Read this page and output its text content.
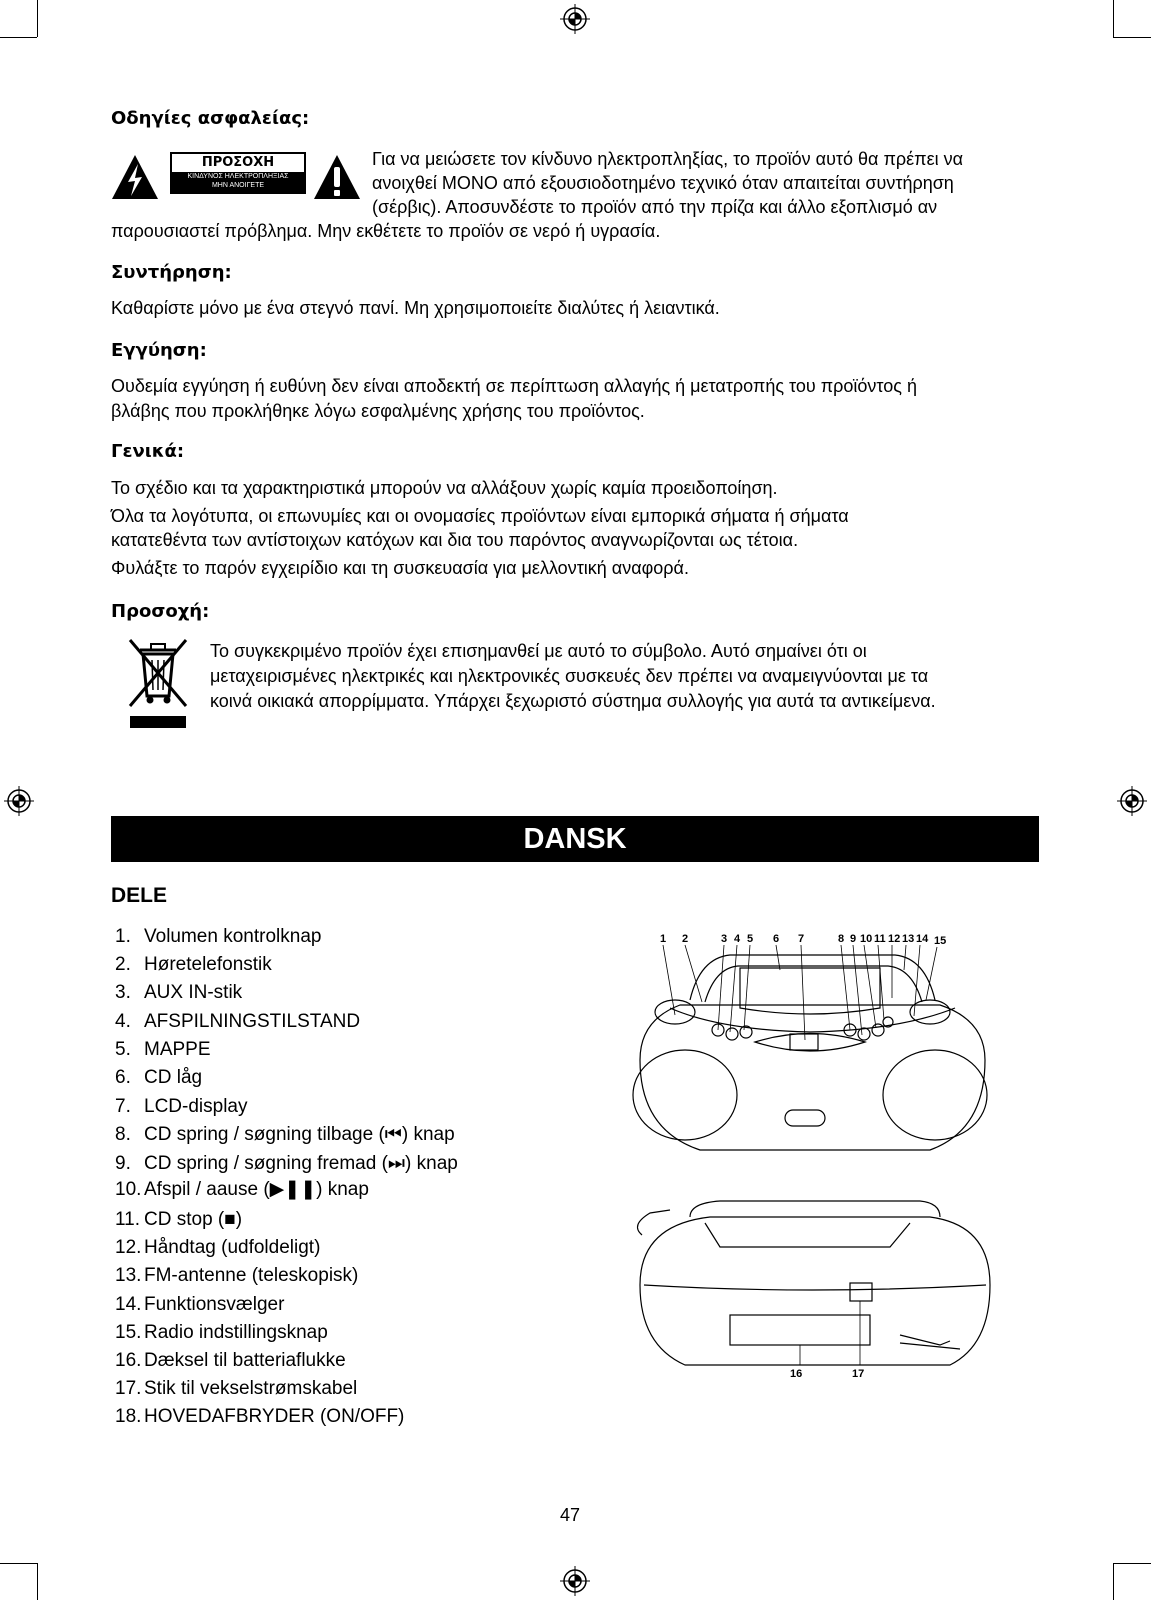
Οδηγίες ασφαλείας:
ΠΡΟΣΟΧΗ
ΚΙΝΔΥΝΟΣ ΗΛΕΚΤΡΟΠΛΗΞΙΑΣ
ΜΗΝ ΑΝΟΙΓΕΤΕ
Για να μειώσετε τον κίνδυνο ηλεκτροπληξίας, το προϊόν αυτό θα πρέπει να
ανοιχθεί ΜΟΝΟ από εξουσιοδοτημένο τεχνικό όταν απαιτείται συντήρηση
(σέρβις). Αποσυνδέστε το προϊόν από την πρίζα και άλλο εξοπλισμό αν
παρουσιαστεί πρόβλημα. Μην εκθέτετε το προϊόν σε νερό ή υγρασία.
Συντήρηση:
Καθαρίστε μόνο με ένα στεγνό πανί. Μη χρησιμοποιείτε διαλύτες ή λειαντικά.
Εγγύηση:
Ουδεμία εγγύηση ή ευθύνη δεν είναι αποδεκτή σε περίπτωση αλλαγής ή μετατροπής του προϊόντος ή
βλάβης που προκλήθηκε λόγω εσφαλμένης χρήσης του προϊόντος.
Γενικά:
Το σχέδιο και τα χαρακτηριστικά μπορούν να αλλάξουν χωρίς καμία προειδοποίηση.
Όλα τα λογότυπα, οι επωνυμίες και οι ονομασίες προϊόντων είναι εμπορικά σήματα ή σήματα
κατατεθέντα των αντίστοιχων κατόχων και δια του παρόντος αναγνωρίζονται ως τέτοια.
Φυλάξτε το παρόν εγχειρίδιο και τη συσκευασία για μελλοντική αναφορά.
Προσοχή:
Το συγκεκριμένο προϊόν έχει επισημανθεί με αυτό το σύμβολο. Αυτό σημαίνει ότι οι
μεταχειρισμένες ηλεκτρικές και ηλεκτρονικές συσκευές δεν πρέπει να αναμειγνύονται με τα
κοινά οικιακά απορρίμματα. Υπάρχει ξεχωριστό σύστημα συλλογής για αυτά τα αντικείμενα.
DANSK
DELE
1. Volumen kontrolknap
2. Høretelefonstik
3. AUX IN-stik
4. AFSPILNINGSTILSTAND
5. MAPPE
6. CD låg
7. LCD-display
8. CD spring / søgning tilbage (⏮) knap
9. CD spring / søgning fremad (⏭) knap
10. Afspil / aause (▶❚❚) knap
11. CD stop (■)
12. Håndtag (udfoldeligt)
13. FM-antenne (teleskopisk)
14. Funktionsvælger
15. Radio indstillingsknap
16. Dæksel til batteriaflukke
17. Stik til vekselstrømskabel
18. HOVEDAFBRYDER (ON/OFF)
1 2	3 4 5 6 7	8 9 10 11 12 13 14 15
16	17
47
